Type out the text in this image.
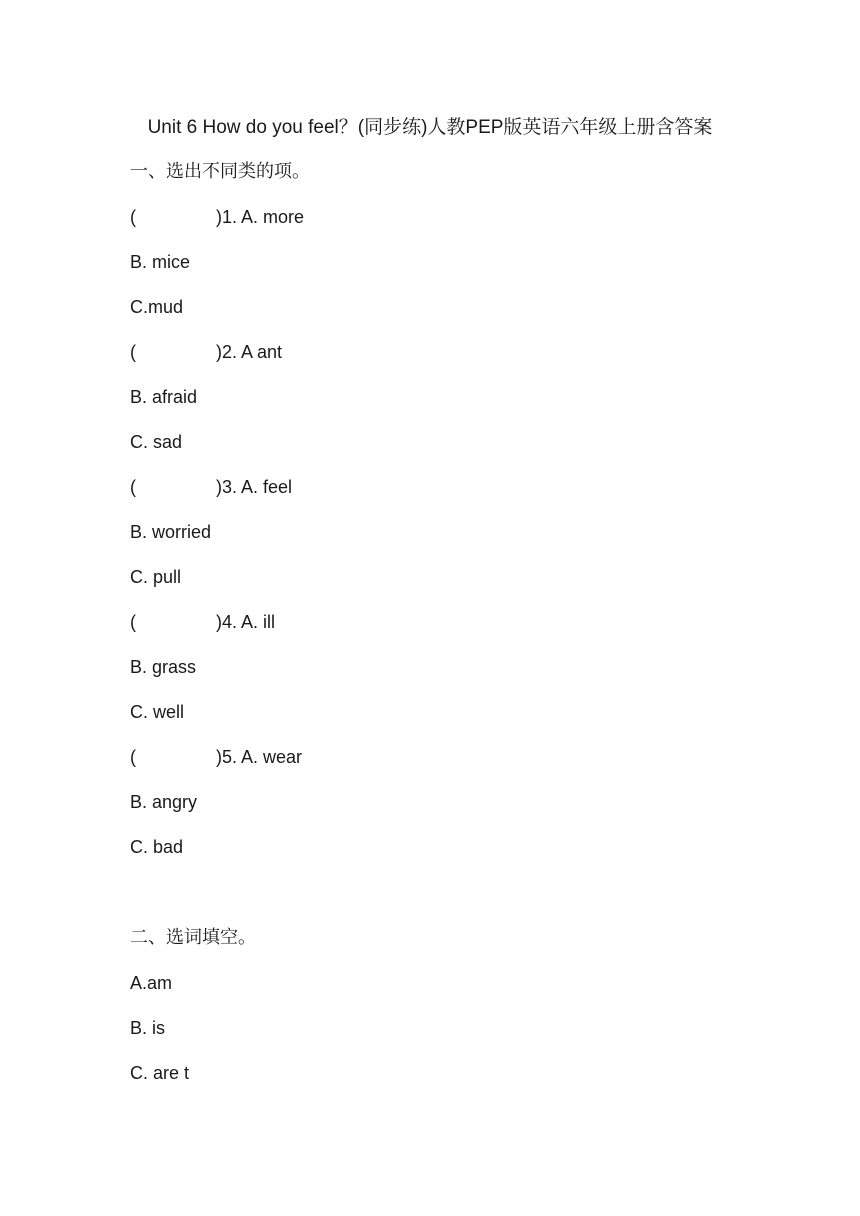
Unit 6 How do you feel？(同步练)人教PEP版英语六年级上册含答案
一、选出不同类的项。
(	)1. A. more
B. mice
C.mud
(	)2. A ant
B. afraid
C. sad
(	)3. A. feel
B. worried
C. pull
(	)4. A. ill
B. grass
C. well
(	)5. A. wear
B. angry
C. bad
二、选词填空。
A.am
B. is
C. are t
